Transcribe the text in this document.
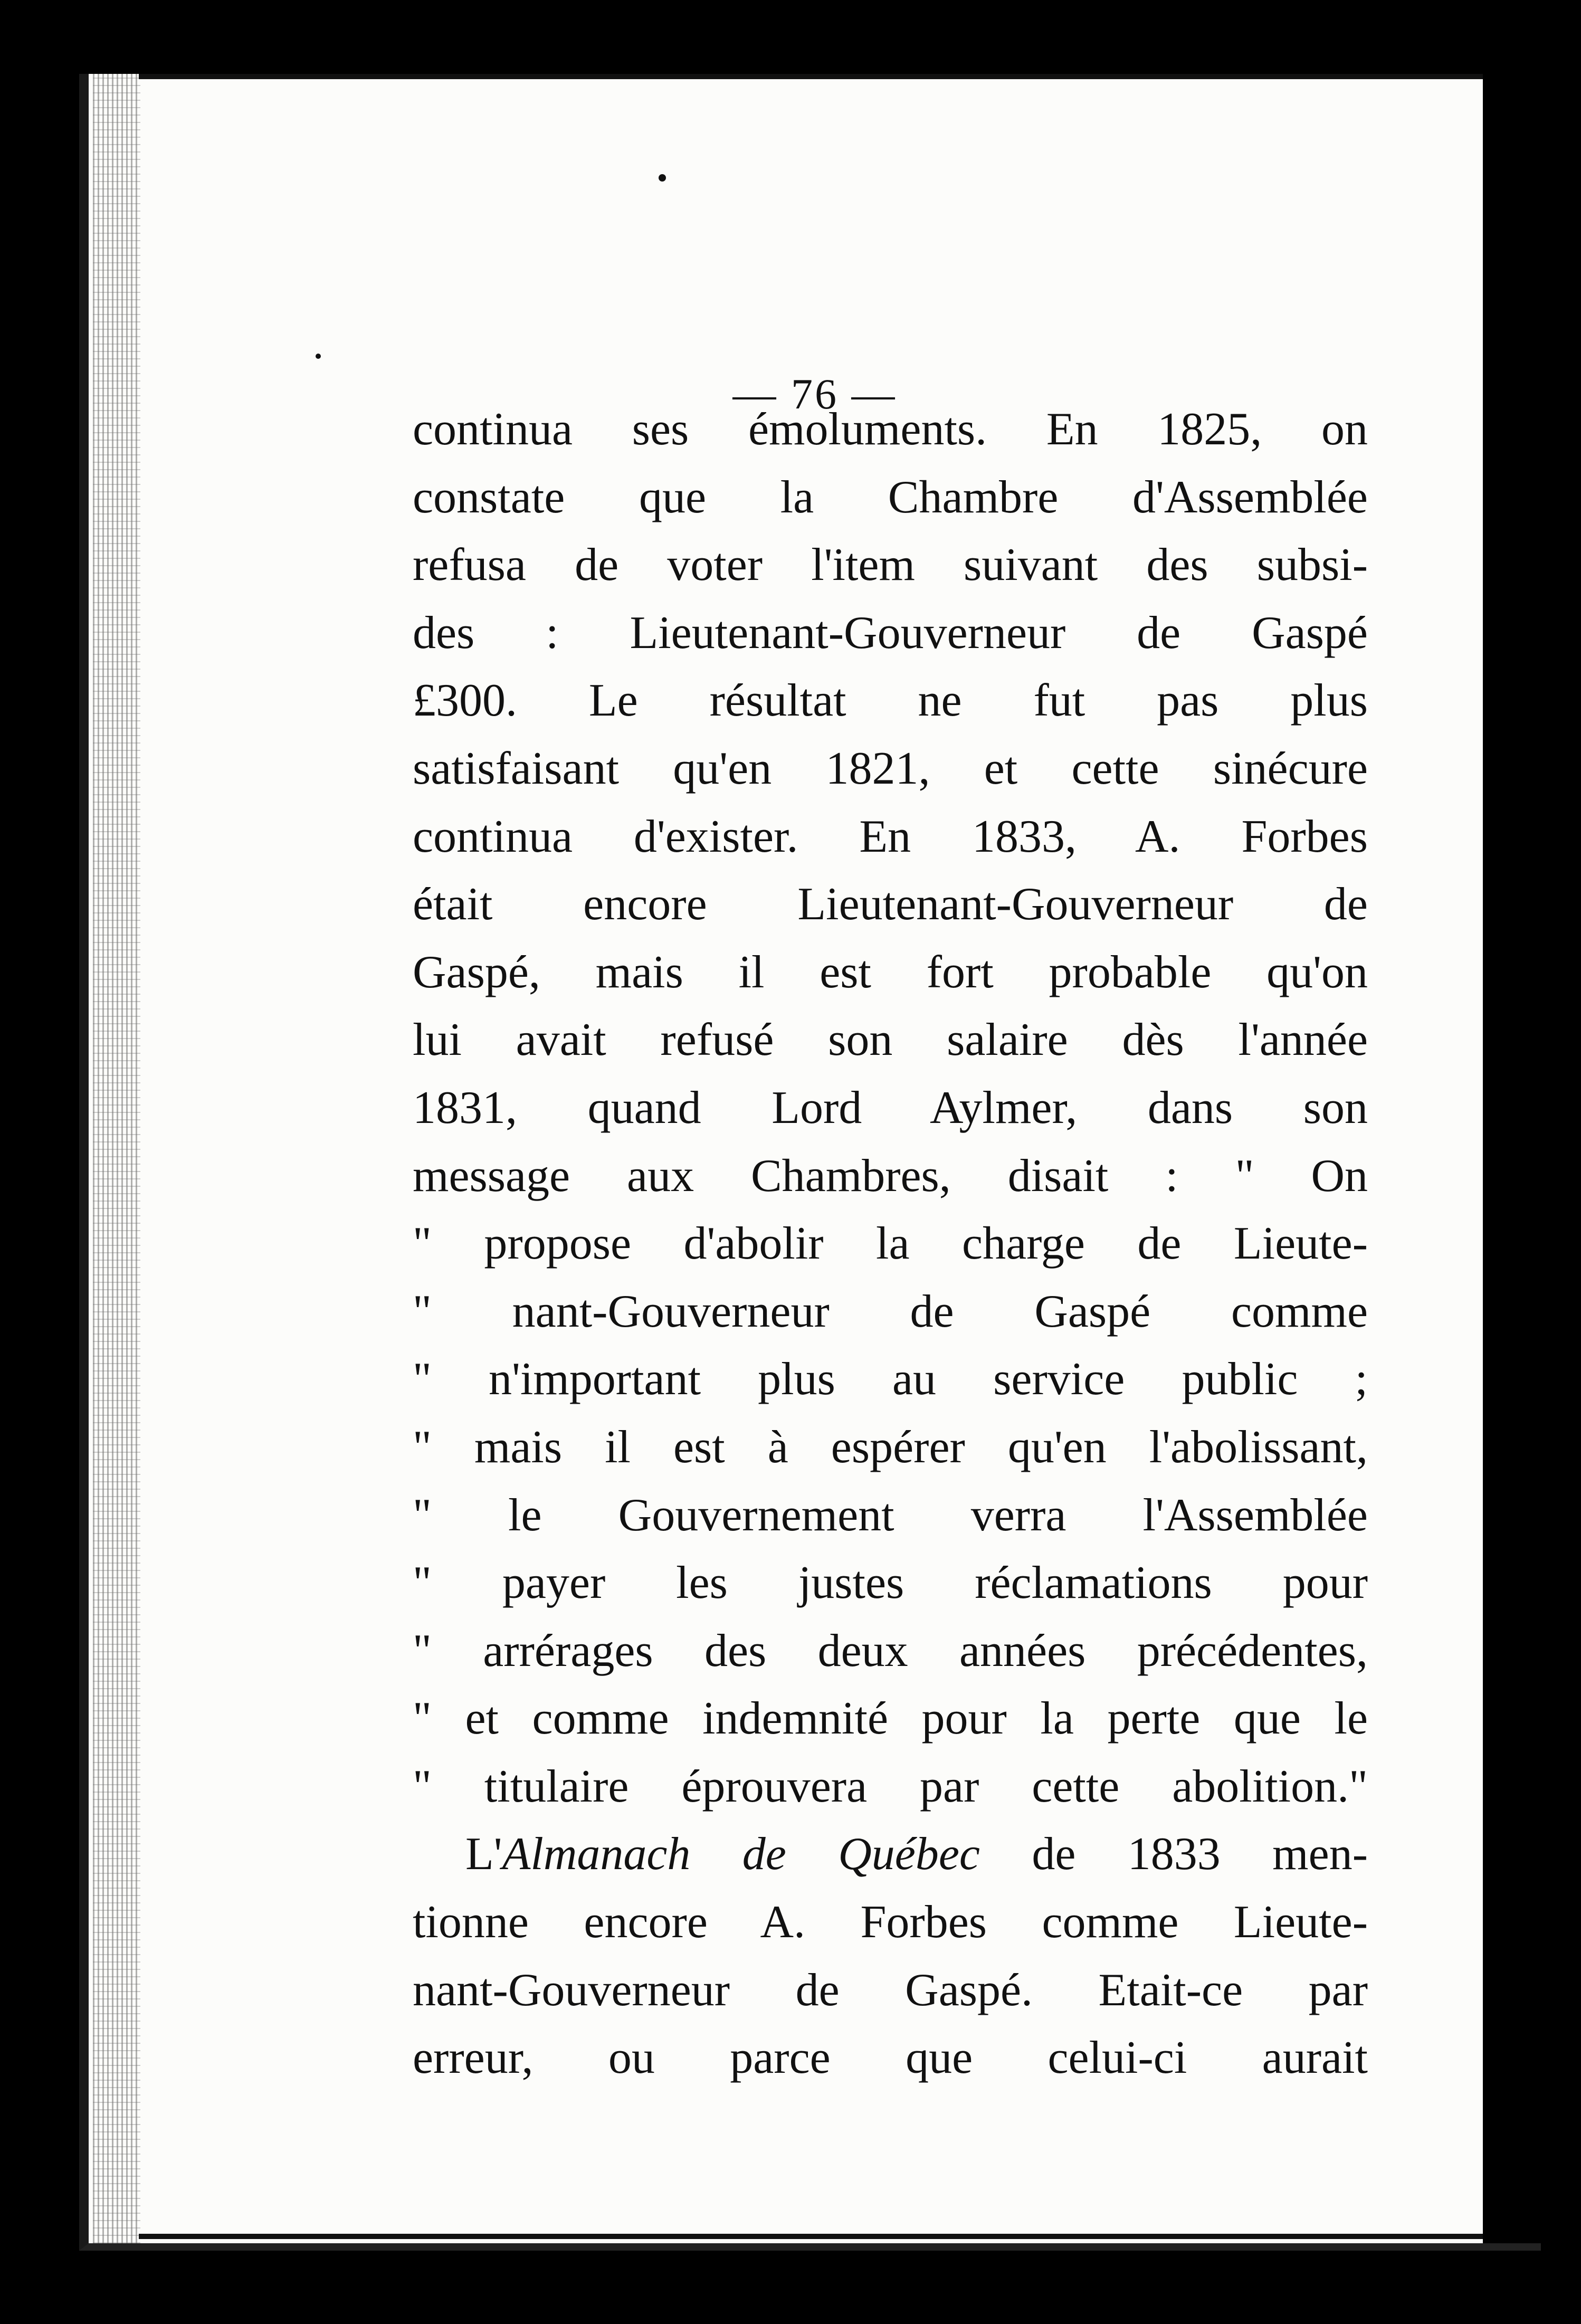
— 76 —
continua ses émoluments. En 1825, on
constate que la Chambre d'Assemblée
refusa de voter l'item suivant des subsi-
des : Lieutenant-Gouverneur de Gaspé
£300. Le résultat ne fut pas plus
satisfaisant qu'en 1821, et cette sinécure
continua d'exister. En 1833, A. Forbes
était encore Lieutenant-Gouverneur de
Gaspé, mais il est fort probable qu'on
lui avait refusé son salaire dès l'année
1831, quand Lord Aylmer, dans son
message aux Chambres, disait : " On
" propose d'abolir la charge de Lieute-
" nant-Gouverneur de Gaspé comme
" n'important plus au service public ;
" mais il est à espérer qu'en l'abolissant,
" le Gouvernement verra l'Assemblée
" payer les justes réclamations pour
" arrérages des deux années précédentes,
" et comme indemnité pour la perte que le
" titulaire éprouvera par cette abolition."
L'Almanach de Québec de 1833 men-
tionne encore A. Forbes comme Lieute-
nant-Gouverneur de Gaspé. Etait-ce par
erreur, ou parce que celui-ci aurait
